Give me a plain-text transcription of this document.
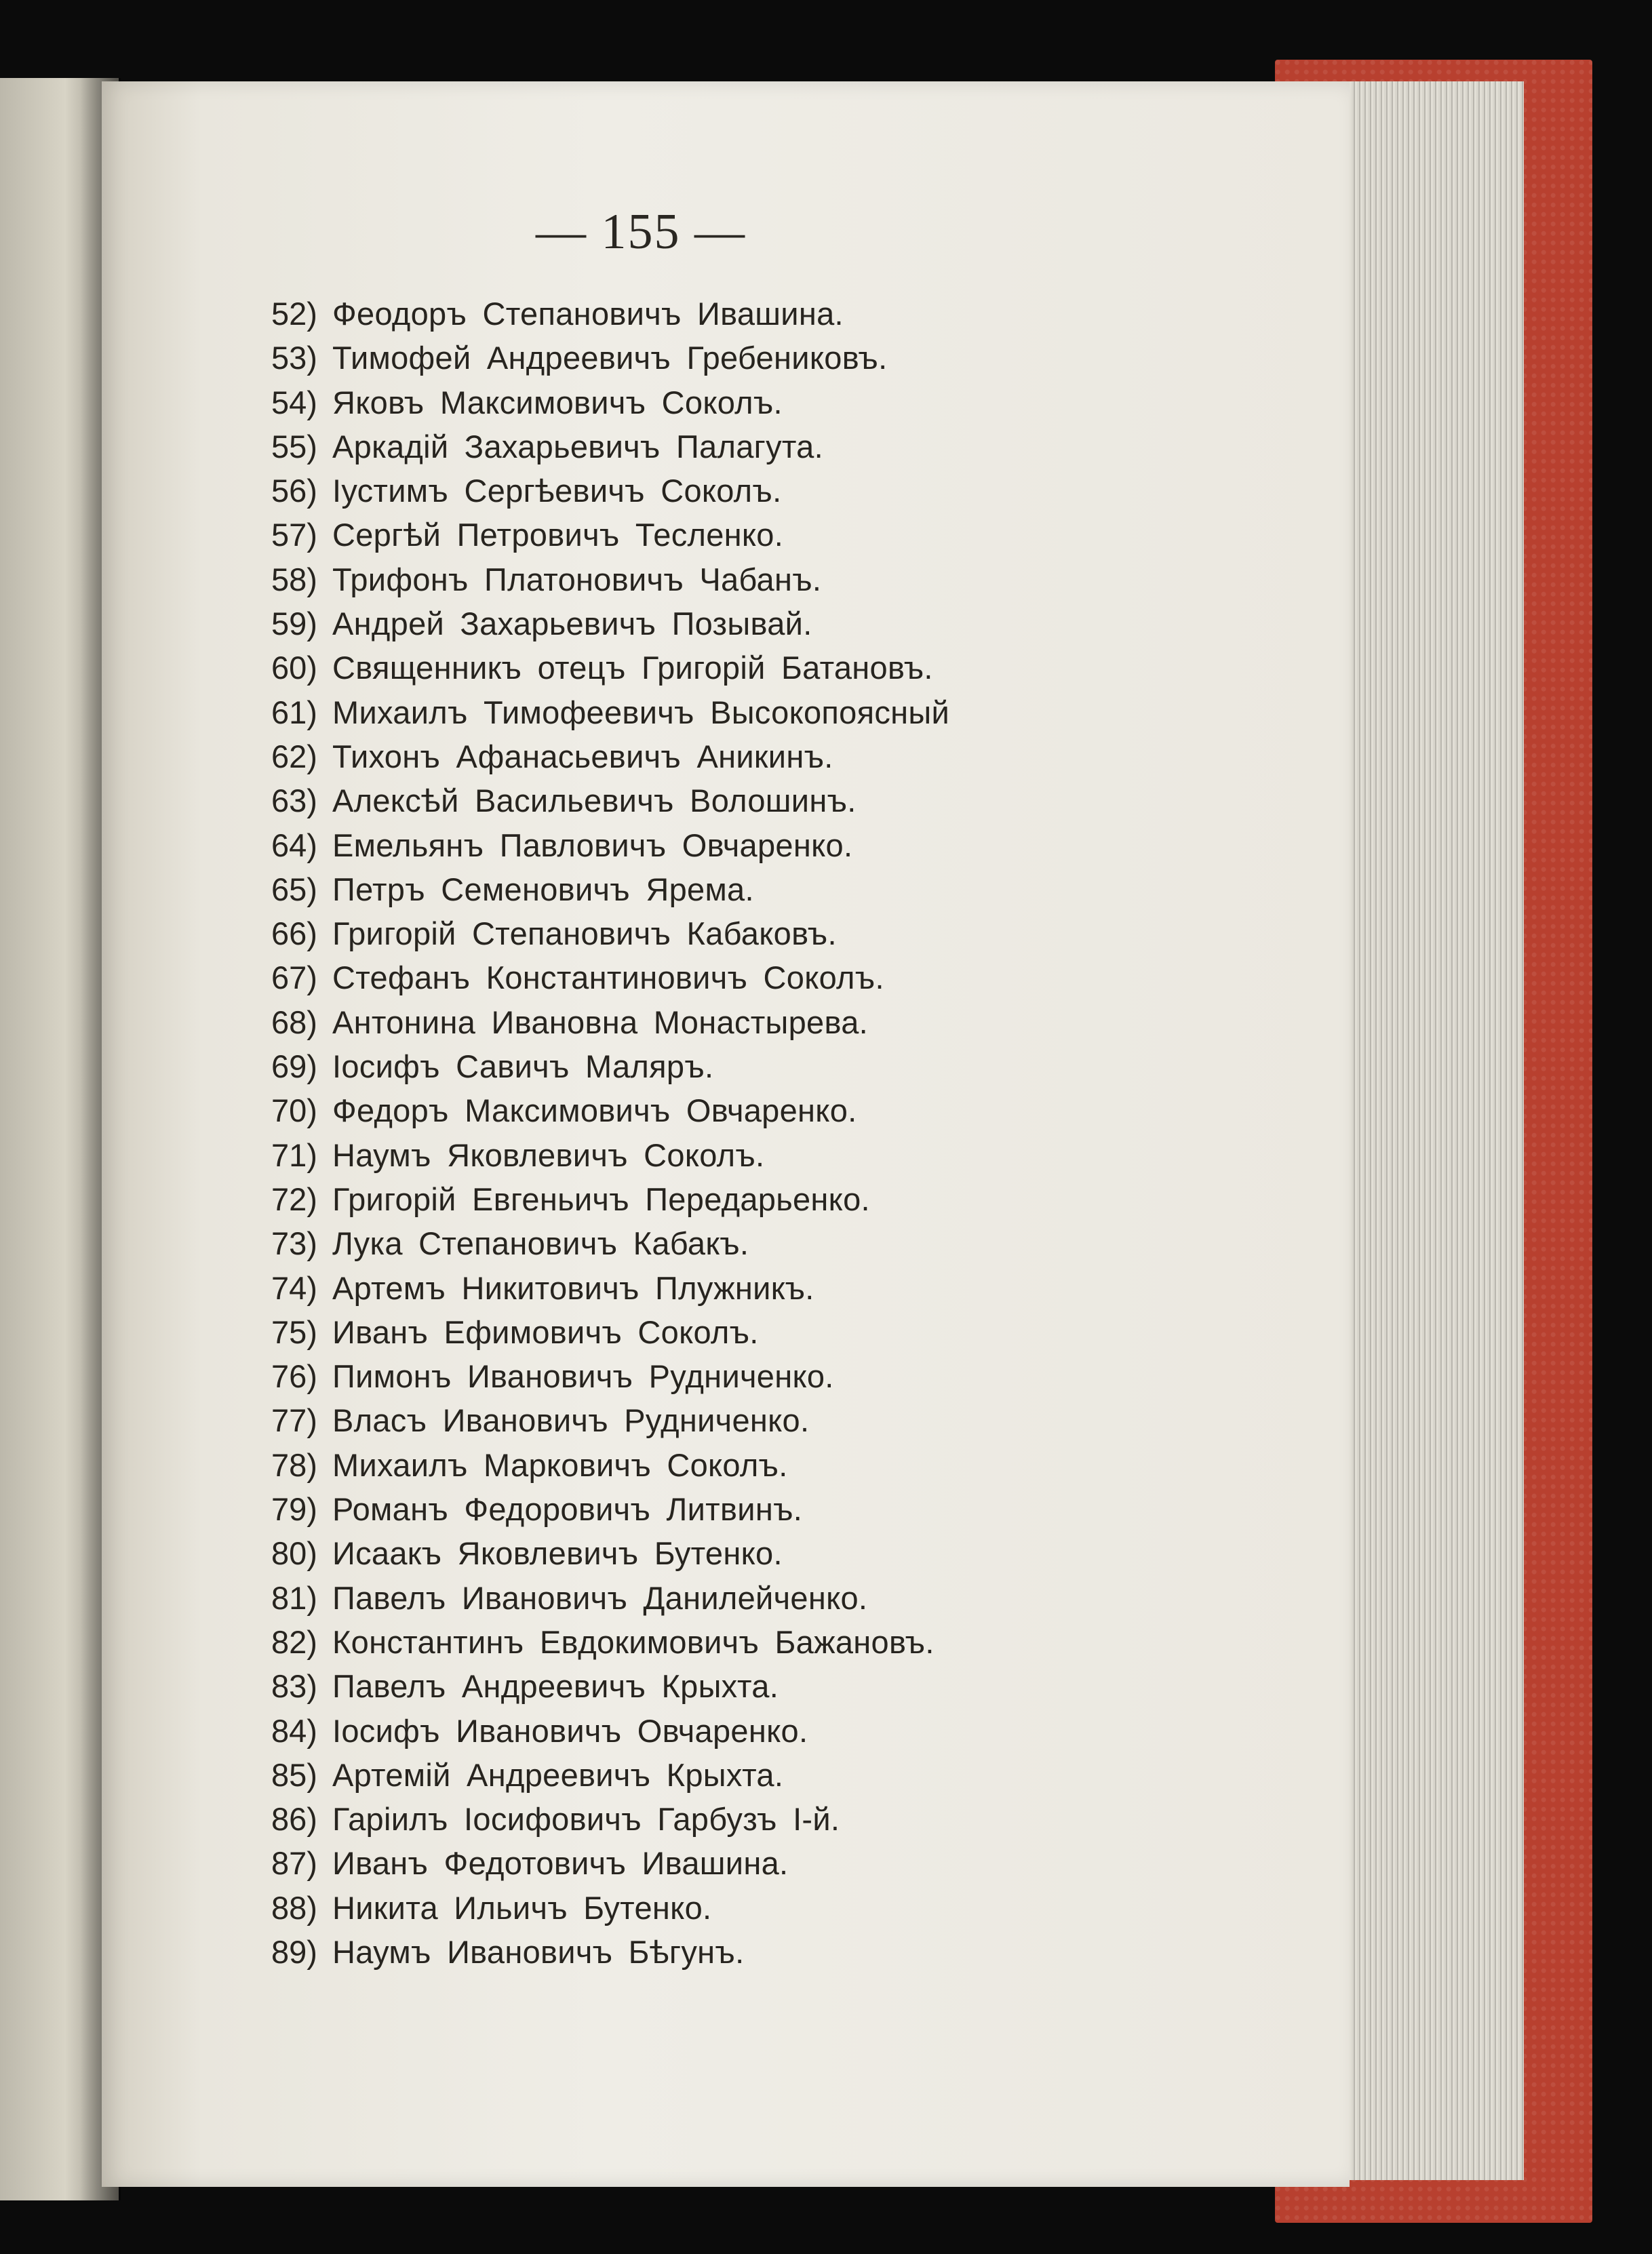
— 155 —
52) Феодоръ Степановичъ Ивашина.
53) Тимофей Андреевичъ Гребениковъ.
54) Яковъ Максимовичъ Соколъ.
55) Аркадій Захарьевичъ Палагута.
56) Іустимъ Сергѣевичъ Соколъ.
57) Сергѣй Петровичъ Тесленко.
58) Трифонъ Платоновичъ Чабанъ.
59) Андрей Захарьевичъ Позывай.
60) Священникъ отецъ Григорій Батановъ.
61) Михаилъ Тимофеевичъ Высокопоясный
62) Тихонъ Афанасьевичъ Аникинъ.
63) Алексѣй Васильевичъ Волошинъ.
64) Емельянъ Павловичъ Овчаренко.
65) Петръ Семеновичъ Ярема.
66) Григорій Степановичъ Кабаковъ.
67) Стефанъ Константиновичъ Соколъ.
68) Антонина Ивановна Монастырева.
69) Іосифъ Савичъ Маляръ.
70) Федоръ Максимовичъ Овчаренко.
71) Наумъ Яковлевичъ Соколъ.
72) Григорій Евгеньичъ Передарьенко.
73) Лука Степановичъ Кабакъ.
74) Артемъ Никитовичъ Плужникъ.
75) Иванъ Ефимовичъ Соколъ.
76) Пимонъ Ивановичъ Рудниченко.
77) Власъ Ивановичъ Рудниченко.
78) Михаилъ Марковичъ Соколъ.
79) Романъ Федоровичъ Литвинъ.
80) Исаакъ Яковлевичъ Бутенко.
81) Павелъ Ивановичъ Данилейченко.
82) Константинъ Евдокимовичъ Бажановъ.
83) Павелъ Андреевичъ Крыхта.
84) Іосифъ Ивановичъ Овчаренко.
85) Артемій Андреевичъ Крыхта.
86) Гаріилъ Іосифовичъ Гарбузъ І-й.
87) Иванъ Федотовичъ Ивашина.
88) Никита Ильичъ Бутенко.
89) Наумъ Ивановичъ Бѣгунъ.
